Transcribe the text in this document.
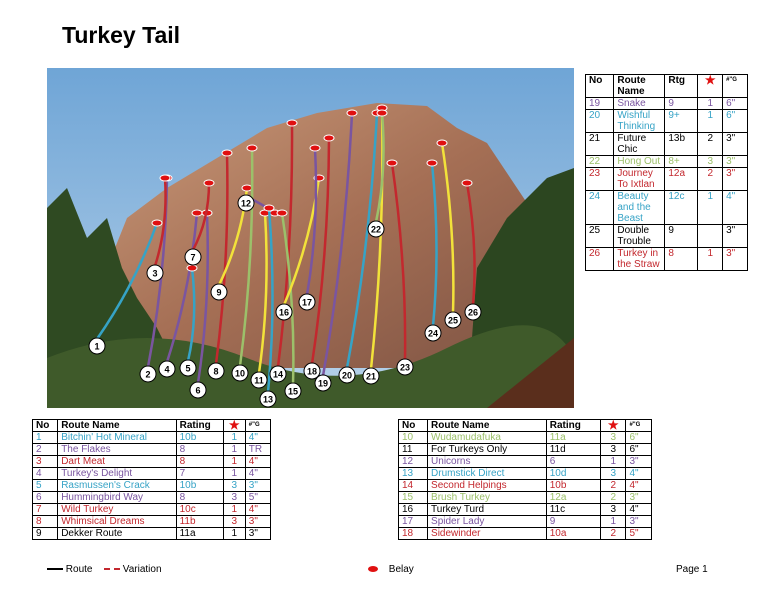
Turkey Tail
1
2
3
4 5
6
7
8
9
10
11
12
13
14
15
16
17
18
19
20 21
22
23
24
25
26
No	Route Name	Rtg	★	#"G
19	Snake	9	1	6"
20	Wishful Thinking	9+	1	6"
21	Future Chic	13b	2	3"
22	Hong Out	8+	3	3"
23	Journey To Ixtlan	12a	2	3"
24	Beauty and the Beast	12c	1	4"
25	Double Trouble	9		3"
26	Turkey in the Straw	8	1	3"
No	Route Name	Rating	★	#"G
1	Bitchin' Hot Mineral	10b	1	4"
2	The Flakes	8	1	TR
3	Dart Meat	8	1	4"
4	Turkey's Delight	7	1	4"
5	Rasmussen's Crack	10b	3	3"
6	Hummingbird Way	8	3	5"
7	Wild Turkey	10c	1	4"
8	Whimsical Dreams	11b	3	3"
9	Dekker Route	11a	1	3"
No	Route Name	Rating	★	#"G
10	Wudamudafuka	11a	3	6"
11	For Turkeys Only	11d	3	6"
12	Unicorns	6	1	3"
13	Drumstick Direct	10d	3	4"
14	Second Helpings	10b	2	4"
15	Brush Turkey	12a	2	3"
16	Turkey Turd	11c	3	4"
17	Spider Lady	9	1	3"
18	Sidewinder	10a	2	5"
Route	Variation	Belay	Page 1
